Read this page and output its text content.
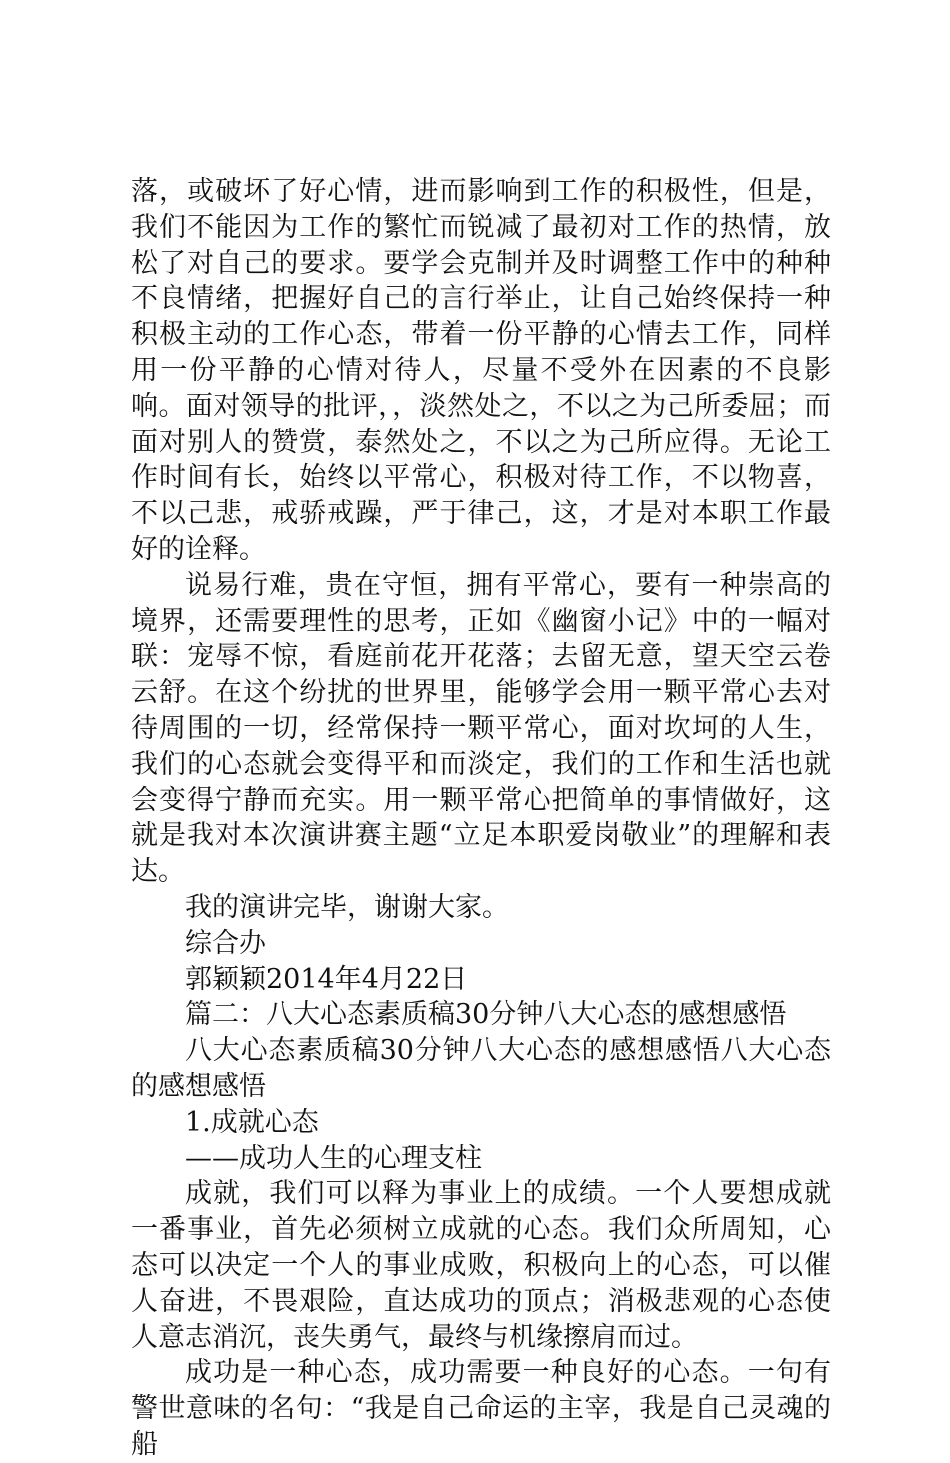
落，或破坏了好心情，进而影响到工作的积极性，但是，我们不能因为工作的繁忙而锐减了最初对工作的热情，放松了对自己的要求。要学会克制并及时调整工作中的种种不良情绪，把握好自己的言行举止，让自己始终保持一种积极主动的工作心态，带着一份平静的心情去工作，同样用一份平静的心情对待人，尽量不受外在因素的不良影响。面对领导的批评，，淡然处之，不以之为己所委屈；而面对别人的赞赏，泰然处之，不以之为己所应得。无论工作时间有长，始终以平常心，积极对待工作，不以物喜，不以己悲，戒骄戒躁，严于律己，这，才是对本职工作最好的诠释。

说易行难，贵在守恒，拥有平常心，要有一种崇高的境界，还需要理性的思考，正如《幽窗小记》中的一幅对联：宠辱不惊，看庭前花开花落；去留无意，望天空云卷云舒。在这个纷扰的世界里，能够学会用一颗平常心去对待周围的一切，经常保持一颗平常心，面对坎坷的人生，我们的心态就会变得平和而淡定，我们的工作和生活也就会变得宁静而充实。用一颗平常心把简单的事情做好，这就是我对本次演讲赛主题“立足本职爱岗敬业”的理解和表达。

我的演讲完毕，谢谢大家。

综合办

郭颖颖2014年4月22日

篇二：八大心态素质稿30分钟八大心态的感想感悟

八大心态素质稿30分钟八大心态的感想感悟八大心态的感想感悟

1.成就心态

——成功人生的心理支柱

成就，我们可以释为事业上的成绩。一个人要想成就一番事业，首先必须树立成就的心态。我们众所周知，心态可以决定一个人的事业成败，积极向上的心态，可以催人奋进，不畏艰险，直达成功的顶点；消极悲观的心态使人意志消沉，丧失勇气，最终与机缘擦肩而过。

成功是一种心态，成功需要一种良好的心态。一句有警世意味的名句：“我是自己命运的主宰，我是自己灵魂的船
